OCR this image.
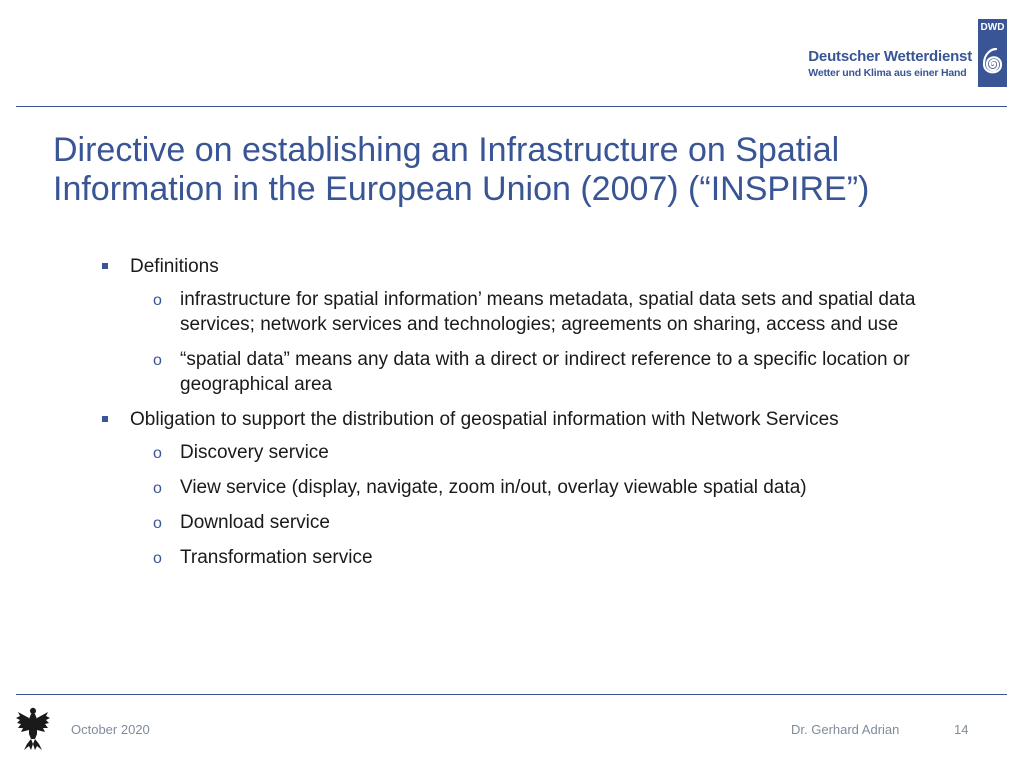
Deutscher Wetterdienst
Wetter und Klima aus einer Hand
DWD
Directive on establishing an Infrastructure on Spatial
Information in the European Union (2007) (“INSPIRE”)
Definitions
o infrastructure for spatial information’ means metadata, spatial data sets and spatial data services; network services and technologies; agreements on sharing, access and use
o “spatial data” means any data with a direct or indirect reference to a specific location or geographical area
Obligation to support the distribution of geospatial information with Network Services
o Discovery service
o View service (display, navigate, zoom in/out, overlay viewable spatial data)
o Download service
o Transformation service
October 2020	Dr. Gerhard Adrian	14
